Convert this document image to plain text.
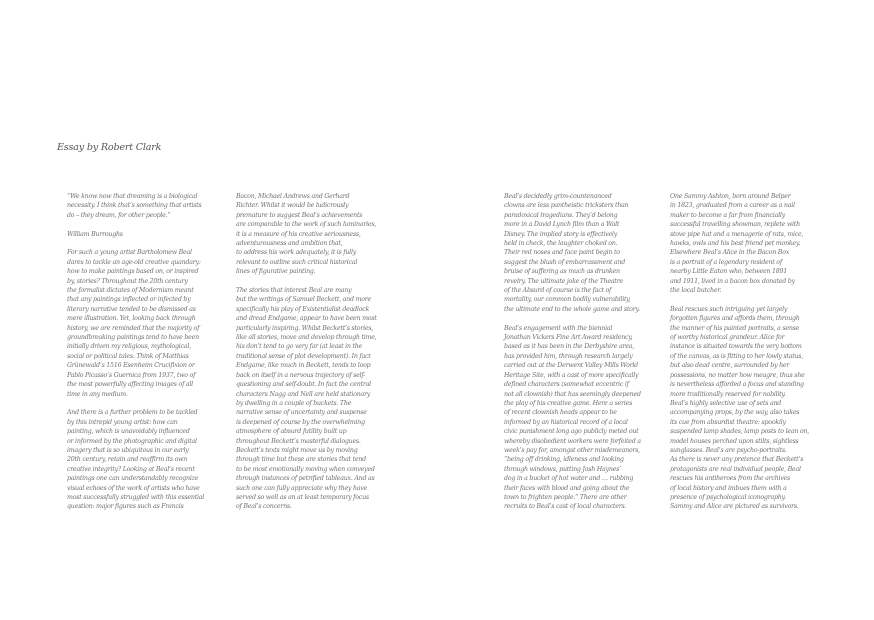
Essay by Robert Clark

“We know now that dreaming is a biological
necessity. I think that’s something that artists
do – they dream, for other people.”

William Burroughs

For such a young artist Bartholomew Beal
dares to tackle an age-old creative quandary:
how to make paintings based on, or inspired
by, stories? Throughout the 20th century
the formalist dictates of Modernism meant
that any paintings inflected or infected by
literary narrative tended to be dismissed as
mere illustration. Yet, looking back through
history, we are reminded that the majority of
groundbreaking paintings tend to have been
initially driven my religious, mythological,
social or political tales. Think of Matthias
Grünewald’s 1516 Esenheim Crucifixion or
Pablo Picasso’s Guernica from 1937, two of
the most powerfully affecting images of all
time in any medium.

And there is a further problem to be tackled
by this intrepid young artist: how can
painting, which is unavoidably influenced
or informed by the photographic and digital
imagery that is so ubiquitous in our early
20th century, retain and reaffirm its own
creative integrity? Looking at Beal’s recent
paintings one can understandably recognize
visual echoes of the work of artists who have
most successfully struggled with this essential
question: major figures such as Francis

Bacon, Michael Andrews and Gerhard
Richter. Whilst it would be ludicrously
premature to suggest Beal’s achievements
are comparable to the work of such luminaries,
it is a measure of his creative seriousness,
adventurousness and ambition that,
to address his work adequately, it is fully
relevant to outline such critical historical
lines of figurative painting.

The stories that interest Beal are many
but the writings of Samuel Beckett, and more
specifically his play of Existentialist deadlock
and dread Endgame, appear to have been most
particularly inspiring. Whilst Beckett’s stories,
like all stories, move and develop through time,
his don’t tend to go very far (at least in the
traditional sense of plot development). In fact
Endgame, like much in Beckett, tends to loop
back on itself in a nervous trajectory of self-
questioning and self-doubt. In fact the central
characters Nagg and Nell are held stationary
by dwelling in a couple of buckets. The
narrative sense of uncertainty and suspense
is deepened of course by the overwhelming
atmosphere of absurd futility built up
throughout Beckett’s masterful dialogues.
Beckett’s texts might move us by moving
through time but these are stories that tend
to be most emotionally moving when conveyed
through instances of petrified tableaux. And as
such one can fully appreciate why they have
served so well as an at least temporary focus
of Beal’s concerns.

Beal’s decidedly grim-countenanced
clowns are less pantheistic tricksters than
paradoxical tragedians. They’d belong
more in a David Lynch film than a Walt
Disney. The implied story is effectively
held in check, the laughter choked on.
Their red noses and face paint begin to
suggest the blush of embarrassment and
bruise of suffering as much as drunken
revelry. The ultimate joke of the Theatre
of the Absurd of course is the fact of
mortality, our common bodily vulnerability,
the ultimate end to the whole game and story.

Beal’s engagement with the biennial
Jonathan Vickers Fine Art Award residency,
based as it has been in the Derbyshire area,
has provided him, through research largely
carried out at the Derwent Valley Mills World
Heritage Site, with a cast of more specifically
defined characters (somewhat eccentric if
not all clownish) that has seemingly deepened
the play of his creative game. Here a series
of recent clownish heads appear to be
informed by an historical record of a local
civic punishment long ago publicly meted out
whereby disobedient workers were forfeited a
week’s pay for, amongst other misdemeanors,
“being off drinking, idleness and looking
through windows, putting Josh Haynes’
dog in a bucket of hot water and … rubbing
their faces with blood and going about the
town to frighten people.” There are other
recruits to Beal’s cast of local characters.

One Sammy Ashton, born around Belper
in 1823, graduated from a career as a nail
maker to become a far from financially
successful travelling showman, replete with
stove pipe hat and a menagerie of rats, mice,
hawks, owls and his best friend pet monkey.
Elsewhere Beal’s Alice in the Bacon Box
is a portrait of a legendary resident of
nearby Little Eaton who, between 1891
and 1911, lived in a bacon box donated by
the local butcher.

Beal rescues such intriguing yet largely
forgotten figures and affords them, through
the manner of his painted portraits, a sense
of worthy historical grandeur. Alice for
instance is situated towards the very bottom
of the canvas, as is fitting to her lowly status,
but also dead centre, surrounded by her
possessions, no matter how meagre, thus she
is nevertheless afforded a focus and standing
more traditionally reserved for nobility.
Beal’s highly selective use of sets and
accompanying props, by the way, also takes
its cue from absurdist theatre: spookily
suspended lamp shades, lamp posts to lean on,
model houses perched upon stilts, sightless
sunglasses. Beal’s are psycho-portraits.
As there is never any pretence that Beckett’s
protagonists are real individual people, Beal
rescues his antiheroes from the archives
of local history and imbues them with a
presence of psychological iconography.
Sammy and Alice are pictured as survivors.
